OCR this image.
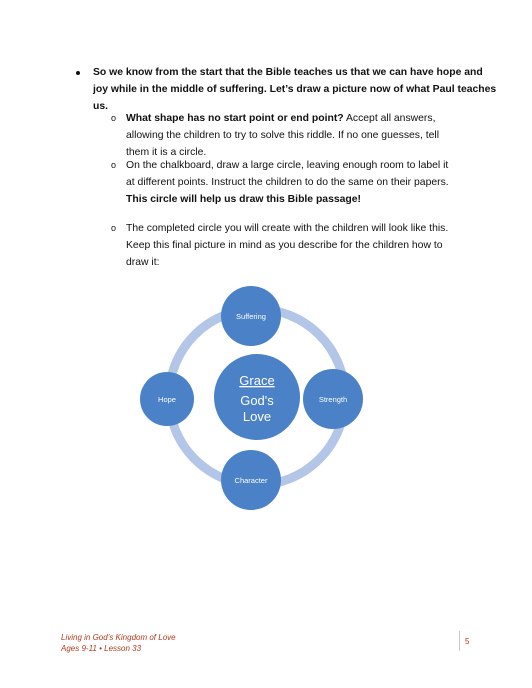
So we know from the start that the Bible teaches us that we can have hope and joy while in the middle of suffering. Let’s draw a picture now of what Paul teaches us.
o What shape has no start point or end point? Accept all answers, allowing the children to try to solve this riddle. If no one guesses, tell them it is a circle.
o On the chalkboard, draw a large circle, leaving enough room to label it at different points. Instruct the children to do the same on their papers. This circle will help us draw this Bible passage!
o The completed circle you will create with the children will look like this. Keep this final picture in mind as you describe for the children how to draw it:
Grace
God's
Love
Suffering
Strength
Character
Hope
Living in God’s Kingdom of Love
Ages 9-11 • Lesson 33
5
